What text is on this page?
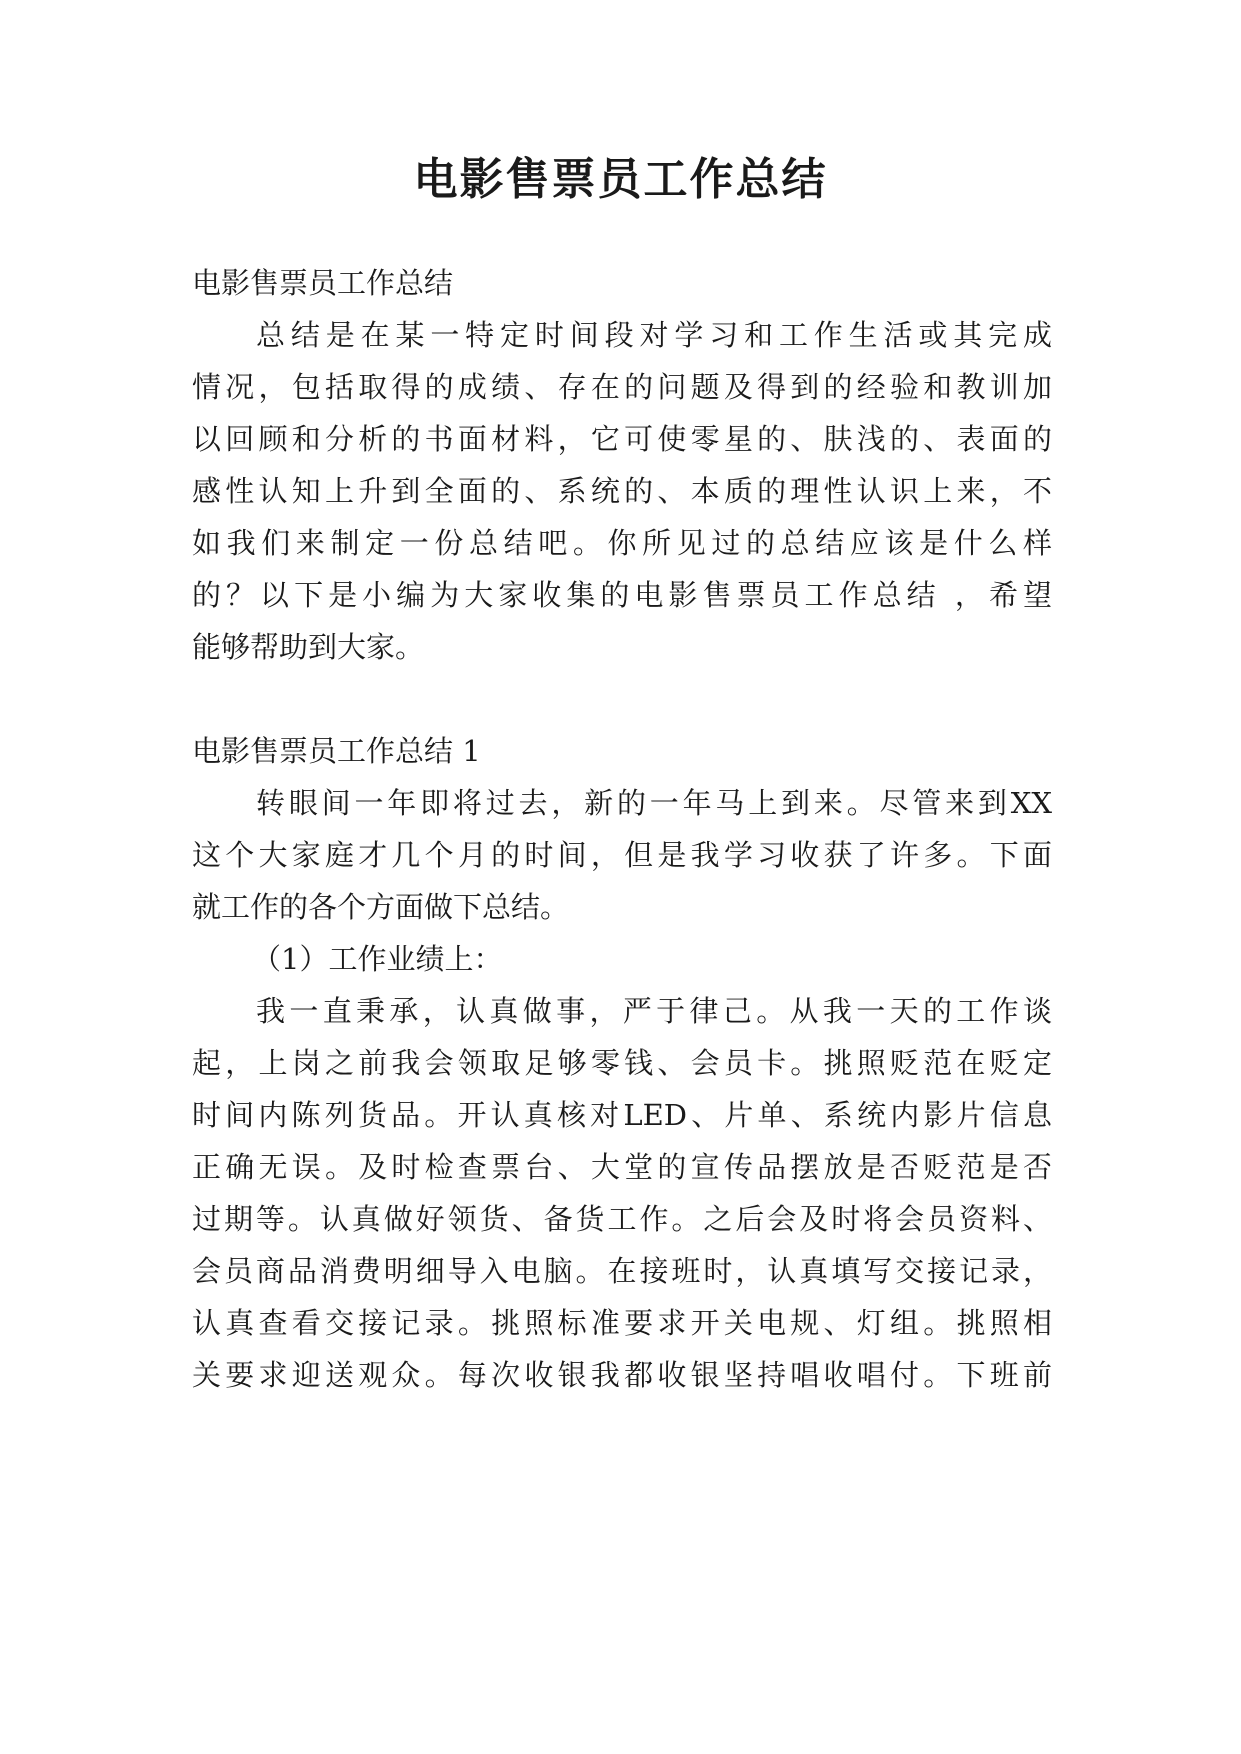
电影售票员工作总结
电影售票员工作总结
总结是在某一特定时间段对学习和工作生活或其完成
情况，包括取得的成绩、存在的问题及得到的经验和教训加
以回顾和分析的书面材料，它可使零星的、肤浅的、表面的
感性认知上升到全面的、系统的、本质的理性认识上来，不
如我们来制定一份总结吧。你所见过的总结应该是什么样
的？以下是小编为大家收集的电影售票员工作总结 ，希望
能够帮助到大家。
电影售票员工作总结 1
转眼间一年即将过去，新的一年马上到来。尽管来到XX
这个大家庭才几个月的时间，但是我学习收获了许多。下面
就工作的各个方面做下总结。
（1）工作业绩上：
我一直秉承，认真做事，严于律己。从我一天的工作谈
起，上岗之前我会领取足够零钱、会员卡。挑照贬范在贬定
时间内陈列货品。开认真核对LED、片单、系统内影片信息
正确无误。及时检查票台、大堂的宣传品摆放是否贬范是否
过期等。认真做好领货、备货工作。之后会及时将会员资料、
会员商品消费明细导入电脑。在接班时，认真填写交接记录，
认真查看交接记录。挑照标准要求开关电规、灯组。挑照相
关要求迎送观众。每次收银我都收银坚持唱收唱付。下班前
